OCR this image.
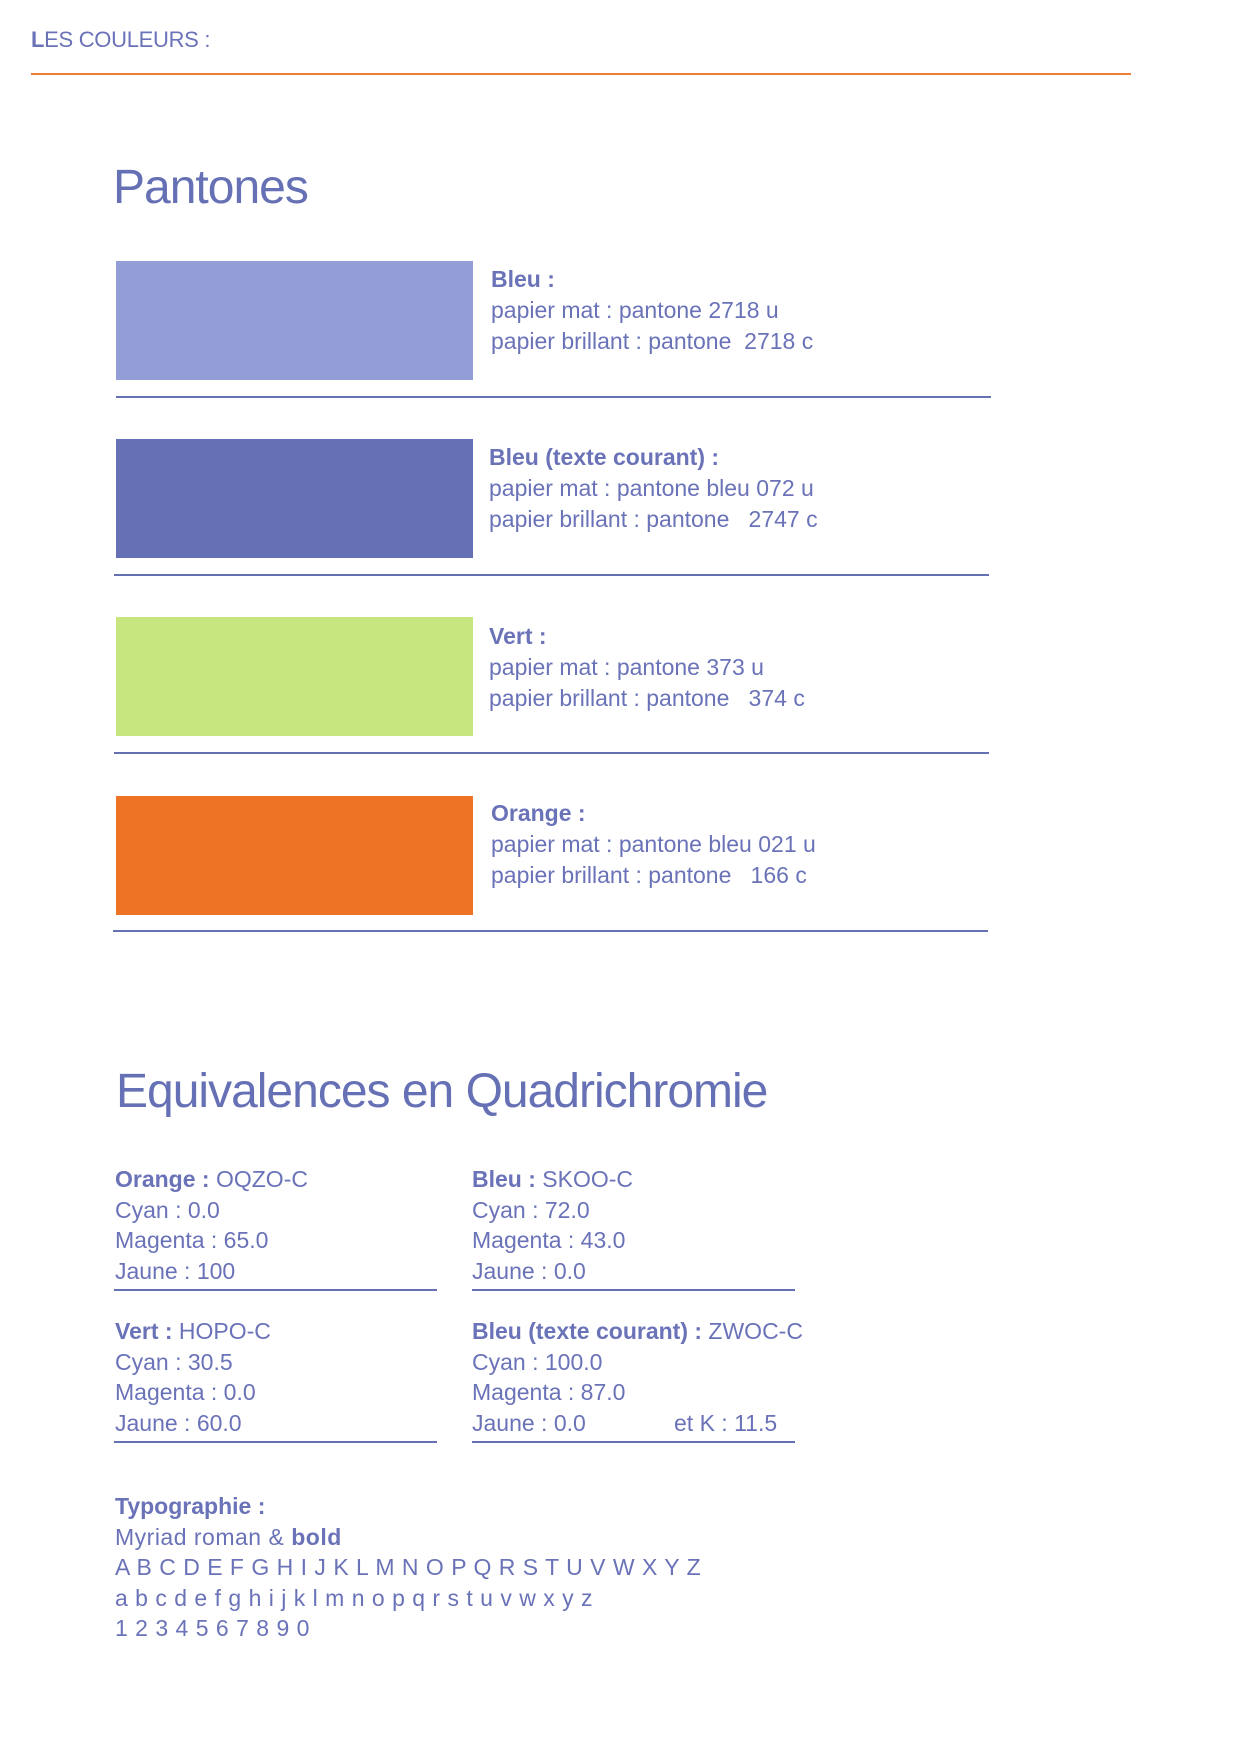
LES COULEURS :
Pantones
Bleu :
papier mat : pantone 2718 u
papier brillant : pantone  2718 c
Bleu (texte courant) :
papier mat : pantone bleu 072 u
papier brillant : pantone   2747 c
Vert :
papier mat : pantone 373 u
papier brillant : pantone   374 c
Orange :
papier mat : pantone bleu 021 u
papier brillant : pantone   166 c
Equivalences en Quadrichromie
Orange : OQZO-C
Cyan : 0.0
Magenta : 65.0
Jaune : 100
Bleu : SKOO-C
Cyan : 72.0
Magenta : 43.0
Jaune : 0.0
Vert : HOPO-C
Cyan : 30.5
Magenta : 0.0
Jaune : 60.0
Bleu (texte courant) : ZWOC-C
Cyan : 100.0
Magenta : 87.0
Jaune : 0.0	et K : 11.5
Typographie :
Myriad roman & bold
A B C D E F G H I J K L M N O P Q R S T U V W X Y Z
a b c d e f g h i j k l m n o p q r s t u v w x y z
1 2 3 4 5 6 7 8 9 0
